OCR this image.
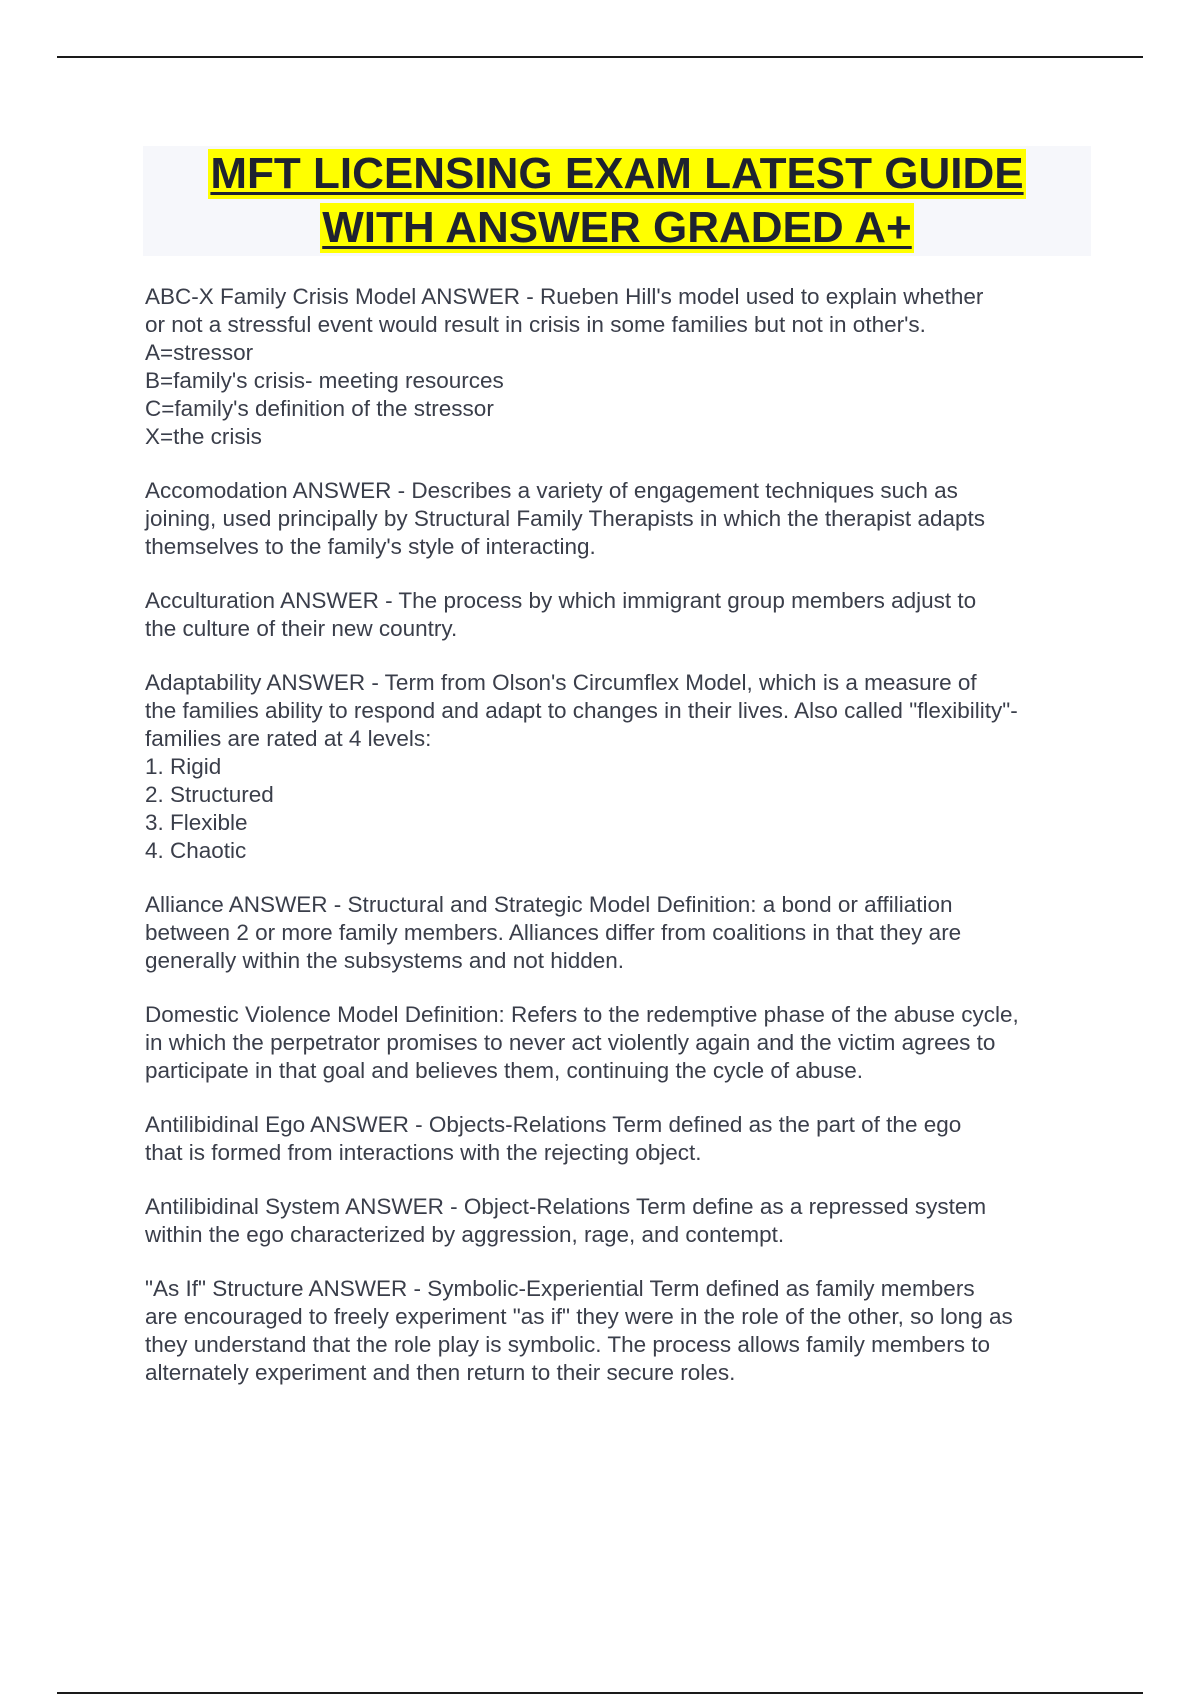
MFT LICENSING EXAM LATEST GUIDE
WITH ANSWER GRADED A+
ABC-X Family Crisis Model ANSWER - Rueben Hill's model used to explain whether
or not a stressful event would result in crisis in some families but not in other's.
A=stressor
B=family's crisis- meeting resources
C=family's definition of the stressor
X=the crisis
Accomodation ANSWER - Describes a variety of engagement techniques such as
joining, used principally by Structural Family Therapists in which the therapist adapts
themselves to the family's style of interacting.
Acculturation ANSWER - The process by which immigrant group members adjust to
the culture of their new country.
Adaptability ANSWER - Term from Olson's Circumflex Model, which is a measure of
the families ability to respond and adapt to changes in their lives. Also called "flexibility"-
families are rated at 4 levels:
1. Rigid
2. Structured
3. Flexible
4. Chaotic
Alliance ANSWER - Structural and Strategic Model Definition: a bond or affiliation
between 2 or more family members. Alliances differ from coalitions in that they are
generally within the subsystems and not hidden.
Domestic Violence Model Definition: Refers to the redemptive phase of the abuse cycle,
in which the perpetrator promises to never act violently again and the victim agrees to
participate in that goal and believes them, continuing the cycle of abuse.
Antilibidinal Ego ANSWER - Objects-Relations Term defined as the part of the ego
that is formed from interactions with the rejecting object.
Antilibidinal System ANSWER - Object-Relations Term define as a repressed system
within the ego characterized by aggression, rage, and contempt.
"As If" Structure ANSWER - Symbolic-Experiential Term defined as family members
are encouraged to freely experiment "as if" they were in the role of the other, so long as
they understand that the role play is symbolic. The process allows family members to
alternately experiment and then return to their secure roles.
